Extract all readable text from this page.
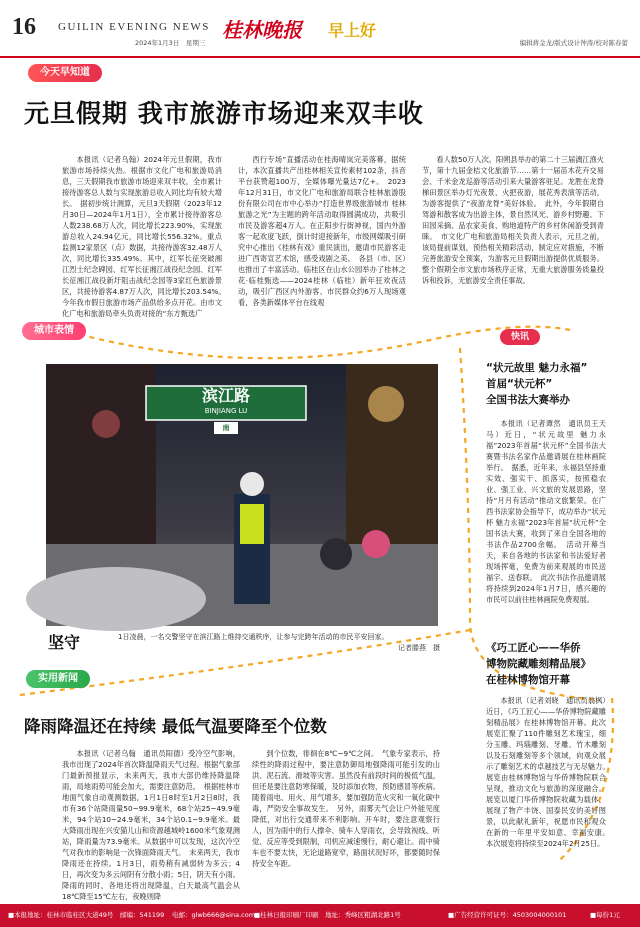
16 GUILIN EVENING NEWS
2024年1月3日　星期三
桂林晚报 早上好
编辑蒋金龙/版式设计钟涛/校对陈春蕾
今天早知道
元旦假期 我市旅游市场迎来双丰收

本报讯（记者乌翰）2024年元旦假期，我市旅游市场持续火热。根据市文化广电和旅游局消息，三天假期我市旅游市场迎来双丰收，全市累计接待游客总人数与实现旅游总收入同比均有较大增长。　据初步统计测算，元旦3天假期（2023年12月30日—2024年1月1日），全市累计接待游客总人数238.68万人次，同比增长223.90%，实现旅游总收入24.94亿元，同比增长556.32%。重点监测12家景区（点）数据，共接待游客32.48万人次，同比增长335.49%。其中，红军长征突破湘江烈士纪念碑园、红军长征湘江战役纪念园、红军长征湘江战役新圩阻击战纪念园等3家红色旅游景区，共接待游客4.87万人次，同比增长203.54%。　今年我市假日旅游市场产品供给多点开花。由市文化广电和旅游局牵头负责对接的“东方甄选广

西行专场”直播活动在桂海晴岚完美落幕，据统计，本次直播共产出桂林相关宣传素材102条，抖音平台获赞超100万，全媒体曝光量达7亿+。　2023年12月31日，市文化广电和旅游局联合桂林旅游股份有限公司在市中心举办“打造世界级旅游城市 桂林旅游之光”为主题的跨年活动取得圆满成功，共吸引市民及游客超4万人。在正阳步行街神视，国内外游客一起欢度飞跃，倒计时迎接新年，市级网媒吸引研究中心推出《桂林有戏》重民演出，邀请市民游客走进广西寄宣艺术馆，感受戏剧之美。　各县（市、区）也推出了丰富活动。临桂区在山水公园举办了桂林之花·临桂甄选——2024桂林（临桂）新年狂欢夜活动，吸引广西区内外游客、市民群众约6万人现场观看，各类新媒体平台在线观

看人数50万人次。阳朔县举办的第二十三届漓江渔火节，第十九届金桔文化旅游节……第十一届苗木花卉交易会、千米金龙巡游等活动引来大量游客驻足。龙胜在龙脊梯田景区举办灯光夜景、火把夜游，展花秀表演等活动，为游客提供了“夜游龙脊”美好体验。　此外，今年假期自驾游和散客成为出游主体，景自然风光、游乡村野趣、下田园采摘、品农家美食、购地道特产的乡村休闲游受到青睐。　市文化广电和旅游局相关负责人表示，元旦之前，该局提前谋划，预热相关精彩活动，制定应对措施，不断完善旅游安全预案，为游客元旦假期出游提供优质服务。整个假期全市文旅市场秩序正常，无重大旅游服务质量投诉和投诉，无旅游安全责任事故。

城市表情
快讯
滨江路
BINJIANG LU
南
坚守	1日凌晨，一名交警坚守在滨江路上维持交通秩序，让参与完跨年活动的市民平安回家。

记者滕燕　摄
“状元故里 魅力永福”
首届“状元杯”
全国书法大赛举办

本报讯（记者谭然　通讯员王天马）近日，“状元故里 魅力永福”2023年首届“状元杯”全国书法大赛暨书法名家作品邀请展在桂林画院举行。　据悉，近年来，永福县坚持重实效、强实干、抓落实，按照稳农业、强工业、兴文旅的发展思路，坚持“月月有活动”推动文旅繁荣。在广西书法家协会指导下，成功举办“状元杯 魅力永福”2023年首届“状元杯”全国书法大赛，收到了来自全国各地的书法作品2700余幅。　活动开幕当天，来自各地的书法家和书法爱好者现场挥毫，免费为前来观展的市民送福字、送春联。　此次书法作品邀请展将持续到2024年1月7日，感兴趣的市民可以前往桂林画院免费观展。

《巧工匠心——华侨
博物院藏雕刻精品展》
在桂林博物馆开幕

本报讯（记者刘晓　通讯员翁枫）近日，《巧工匠心——华侨博物院藏雕刻精品展》在桂林博物馆开幕。此次展览汇聚了110件雕刻艺术瑰宝，细分玉雕、玛瑙雕刻、牙雕、竹木雕刻以及石刻雕刻等多个领域，向观众展示了雕刻艺术的卓越技艺与无尽魅力。　展览由桂林博物馆与华侨博物院联合呈现，推动文化与旅游的深度融合。展览以厦门华侨博物院收藏为载体，展现了物产丰饶、国泰民安的美好图景，以此献礼新年，祝愿市民和观众在新的一年里平安如意、幸福安康。　本次展览将持续至2024年2月25日。

实用新闻
降雨降温还在持续 最低气温要降至个位数

本报讯（记者乌翰　通讯员阳德）受冷空气影响，我市出现了2024年首次降温降雨天气过程。根据气象部门最新预报显示，未来两天，我市大部仍维持降温降雨，局地雨势可能会加大，需要注意防范。　根据桂林市地面气象自动观测数据，1月1日8时至1月2日8时，我市有36个站降雨量50~99.9毫米，68个站25~49.9毫米，94个站10~24.9毫米，34个站0.1~9.9毫米。最大降雨出现在兴安猫儿山和资源越城岭1600米气象观测站，降雨量为73.9毫米。从数据中可以发现，这次冷空气对我市的影响是一次锋面降雨天气。　未来两天，我市降雨还在持续。1月3日，雨势稍有减弱转为多云；4日，再次变为多云间阴有分散小雨；5日，阴天有小雨。降雨的同时，各地还将出现降温，白天最高气温会从18℃降至15℃左右，夜晚则降

到个位数，徘徊在8℃~9℃之间。　气象专家表示，持续性的降雨过程中，要注意防御局地强降雨可能引发的山洪、泥石流、滑坡等灾害。虽然没有前段时间的极低气温，但还是要注意防寒保暖，及时添加衣物，预防感冒等疾病。随着雨电、用火、用气增多，要加强防范火灾和一氧化碳中毒，严防安全事故发生。　另外，雨雾天气会让户外能见度降低，对出行交通带来不利影响。开车时，要注意观察行人，因为雨中的行人撑伞、骑车人穿雨衣，会导致视线、听觉、反应等受到限制，司机应减速慢行，耐心避让。雨中骑车也不要太快，无论道路宽窄，路面状况好坏，都要随时保持安全车距。

■本报地址：桂林市临桂区大道49号 邮编：541199 电邮：glwb666@sina.com
■桂林日报印刷厂印刷　地址：秀峰区粗湖北路1号	■广告经营许可证号：4503004000101	■每份1元
